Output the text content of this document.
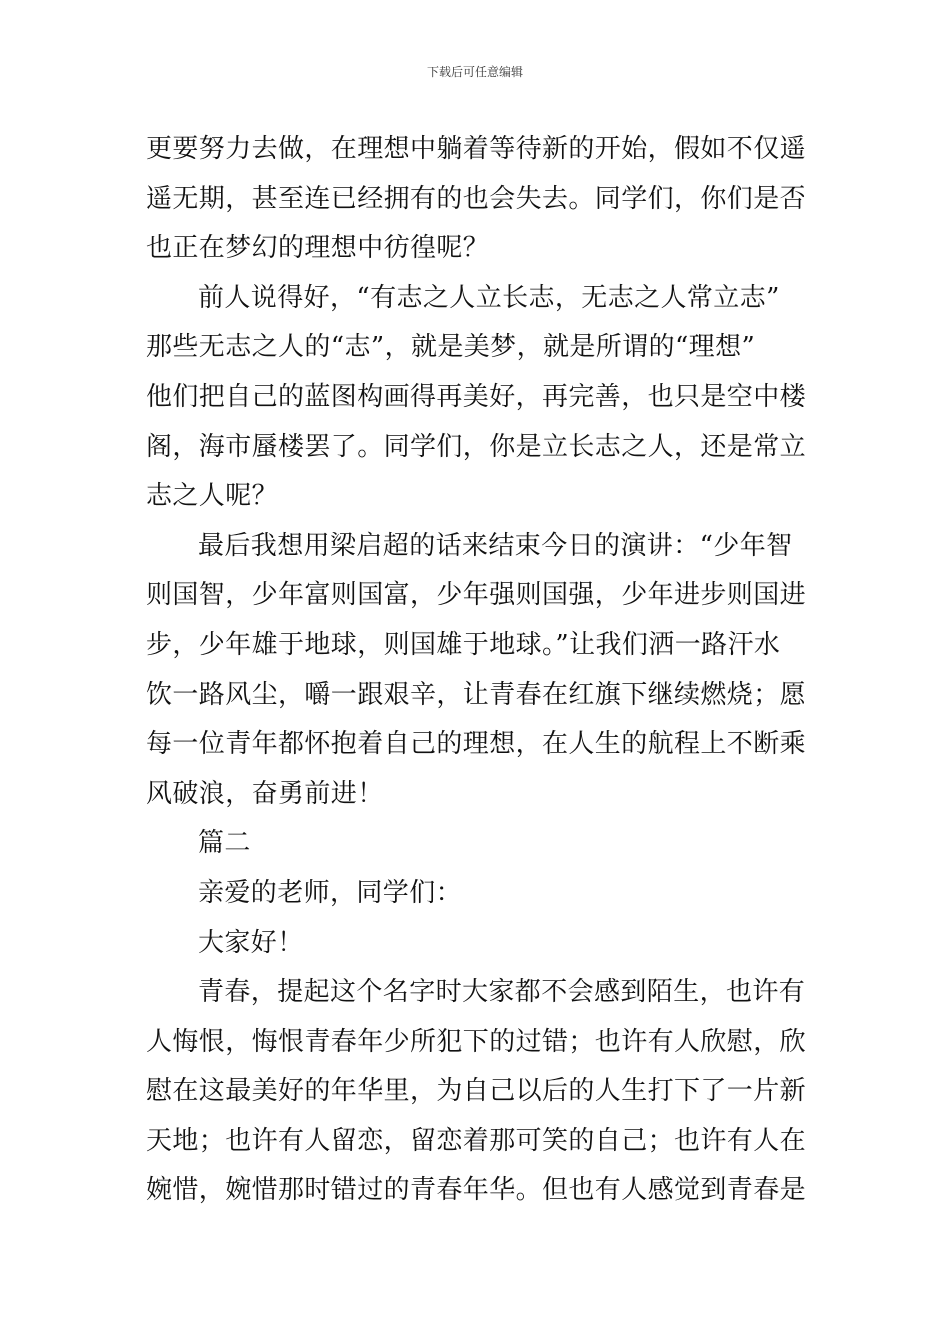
下载后可任意编辑
更要努力去做，在理想中躺着等待新的开始，假如不仅遥
遥无期，甚至连已经拥有的也会失去。同学们，你们是否
也正在梦幻的理想中彷徨呢？
前人说得好，“有志之人立长志，无志之人常立志”
那些无志之人的“志”，就是美梦，就是所谓的“理想”
他们把自己的蓝图构画得再美好，再完善，也只是空中楼
阁，海市蜃楼罢了。同学们，你是立长志之人，还是常立
志之人呢？
最后我想用梁启超的话来结束今日的演讲：“少年智
则国智，少年富则国富，少年强则国强，少年进步则国进
步，少年雄于地球，则国雄于地球。”让我们洒一路汗水
饮一路风尘，嚼一跟艰辛，让青春在红旗下继续燃烧；愿
每一位青年都怀抱着自己的理想，在人生的航程上不断乘
风破浪，奋勇前进！
篇二
亲爱的老师，同学们：
大家好！
青春，提起这个名字时大家都不会感到陌生，也许有
人悔恨，悔恨青春年少所犯下的过错；也许有人欣慰，欣
慰在这最美好的年华里，为自己以后的人生打下了一片新
天地；也许有人留恋，留恋着那可笑的自己；也许有人在
婉惜，婉惜那时错过的青春年华。但也有人感觉到青春是
